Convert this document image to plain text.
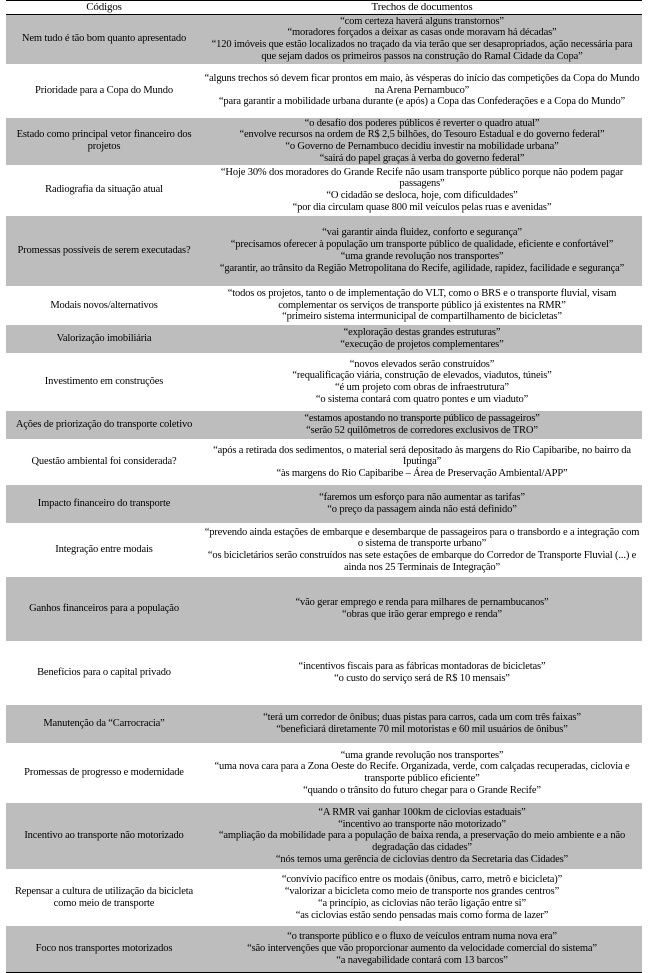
Códigos	Trechos de documentos
Nem tudo é tão bom quanto apresentado	“com certeza haverá alguns transtornos”
“moradores forçados a deixar as casas onde moravam há décadas”
“120 imóveis que estão localizados no traçado da via terão que ser desapropriados, ação necessária para que sejam dados os primeiros passos na construção do Ramal Cidade da Copa”

Prioridade para a Copa do Mundo	“alguns trechos só devem ficar prontos em maio, às vésperas do início das competições da Copa do Mundo na Arena Pernambuco”
“para garantir a mobilidade urbana durante (e após) a Copa das Confederações e a Copa do Mundo”

Estado como principal vetor financeiro dos projetos	“o desafio dos poderes públicos é reverter o quadro atual”
“envolve recursos na ordem de R$ 2,5 bilhões, do Tesouro Estadual e do governo federal”
“o Governo de Pernambuco decidiu investir na mobilidade urbana”
“sairá do papel graças à verba do governo federal”

Radiografia da situação atual	“Hoje 30% dos moradores do Grande Recife não usam transporte público porque não podem pagar passagens”
“O cidadão se desloca, hoje, com dificuldades”
“por dia circulam quase 800 mil veículos pelas ruas e avenidas”

Promessas possíveis de serem executadas?	“vai garantir ainda fluidez, conforto e segurança”
“precisamos oferecer à população um transporte público de qualidade, eficiente e confortável”
“uma grande revolução nos transportes”
“garantir, ao trânsito da Região Metropolitana do Recife, agilidade, rapidez, facilidade e segurança”

Modais novos/alternativos	“todos os projetos, tanto o de implementação do VLT, como o BRS e o transporte fluvial, visam complementar os serviços de transporte público já existentes na RMR”
“primeiro sistema intermunicipal de compartilhamento de bicicletas”

Valorização imobiliária	“exploração destas grandes estruturas”
“execução de projetos complementares”

Investimento em construções	“novos elevados serão construídos”
“requalificação viária, construção de elevados, viadutos, túneis”
“é um projeto com obras de infraestrutura”
“o sistema contará com quatro pontes e um viaduto”

Ações de priorização do transporte coletivo	“estamos apostando no transporte público de passageiros”
“serão 52 quilômetros de corredores exclusivos de TRO”

Questão ambiental foi considerada?	“após a retirada dos sedimentos, o material será depositado às margens do Rio Capibaribe, no bairro da Iputinga”
“às margens do Rio Capibaribe – Área de Preservação Ambiental/APP”

Impacto financeiro do transporte	“faremos um esforço para não aumentar as tarifas”
“o preço da passagem ainda não está definido”

Integração entre modais	“prevendo ainda estações de embarque e desembarque de passageiros para o transbordo e a integração com o sistema de transporte urbano”
“os bicicletários serão construídos nas sete estações de embarque do Corredor de Transporte Fluvial (...) e ainda nos 25 Terminais de Integração”

Ganhos financeiros para a população	“vão gerar emprego e renda para milhares de pernambucanos”
“obras que irão gerar emprego e renda”

Benefícios para o capital privado	“incentivos fiscais para as fábricas montadoras de bicicletas”
“o custo do serviço será de R$ 10 mensais”

Manutenção da “Carrocracia”	“terá um corredor de ônibus; duas pistas para carros, cada um com três faixas”
“beneficiará diretamente 70 mil motoristas e 60 mil usuários de ônibus”

Promessas de progresso e modernidade	“uma grande revolução nos transportes”
“uma nova cara para a Zona Oeste do Recife. Organizada, verde, com calçadas recuperadas, ciclovia e transporte público eficiente”
“quando o trânsito do futuro chegar para o Grande Recife”

Incentivo ao transporte não motorizado	“A RMR vai ganhar 100km de ciclovias estaduais”
“incentivo ao transporte não motorizado”
“ampliação da mobilidade para a população de baixa renda, a preservação do meio ambiente e a não degradação das cidades”
“nós temos uma gerência de ciclovias dentro da Secretaria das Cidades”

Repensar a cultura de utilização da bicicleta como meio de transporte	“convívio pacífico entre os modais (ônibus, carro, metrô e bicicleta)”
“valorizar a bicicleta como meio de transporte nos grandes centros”
“a princípio, as ciclovias não terão ligação entre si”
“as ciclovias estão sendo pensadas mais como forma de lazer”

Foco nos transportes motorizados	“o transporte público e o fluxo de veículos entram numa nova era”
“são intervenções que vão proporcionar aumento da velocidade comercial do sistema”
“a navegabilidade contará com 13 barcos”
